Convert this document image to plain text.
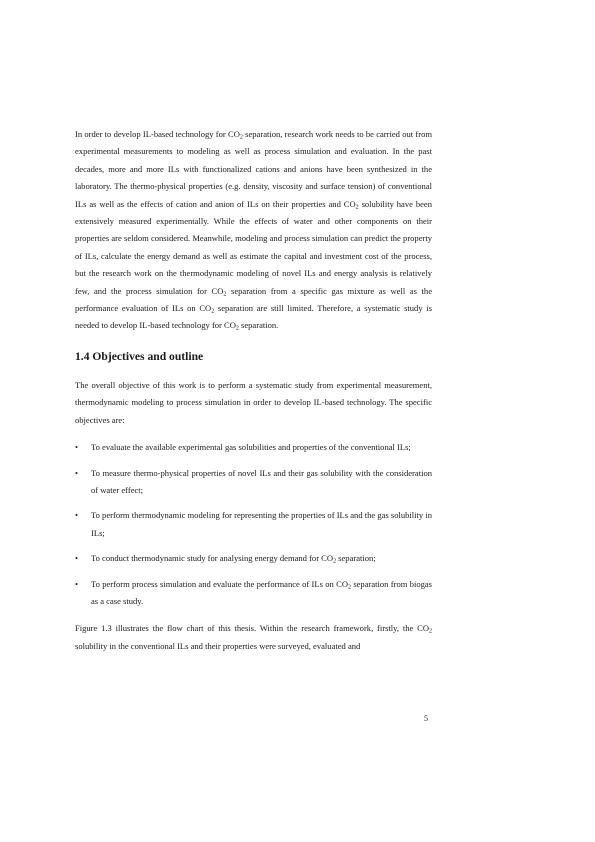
In order to develop IL-based technology for $CO_2$ separation, research work needs to be carried out from experimental measurements to modeling as well as process simulation and evaluation. In the past decades, more and more ILs with functionalized cations and anions have been synthesized in the laboratory. The thermo-physical properties (e.g. density, viscosity and surface tension) of conventional ILs as well as the effects of cation and anion of ILs on their properties and $CO_2$ solubility have been extensively measured experimentally. While the effects of water and other components on their properties are seldom considered. Meanwhile, modeling and process simulation can predict the property of ILs, calculate the energy demand as well as estimate the capital and investment cost of the process, but the research work on the thermodynamic modeling of novel ILs and energy analysis is relatively few, and the process simulation for $CO_2$ separation from a specific gas mixture as well as the performance evaluation of ILs on $CO_2$ separation are still limited. Therefore, a systematic study is needed to develop IL-based technology for $CO_2$ separation.

1.4 Objectives and outline

The overall objective of this work is to perform a systematic study from experimental measurement, thermodynamic modeling to process simulation in order to develop IL-based technology. The specific objectives are:

• To evaluate the available experimental gas solubilities and properties of the conventional ILs;

• To measure thermo-physical properties of novel ILs and their gas solubility with the consideration of water effect;

• To perform thermodynamic modeling for representing the properties of ILs and the gas solubility in ILs;

• To conduct thermodynamic study for analysing energy demand for $CO_2$ separation;

• To perform process simulation and evaluate the performance of ILs on $CO_2$ separation from biogas as a case study.

Figure 1.3 illustrates the flow chart of this thesis. Within the research framework, firstly, the $CO_2$ solubility in the conventional ILs and their properties were surveyed, evaluated and

5
